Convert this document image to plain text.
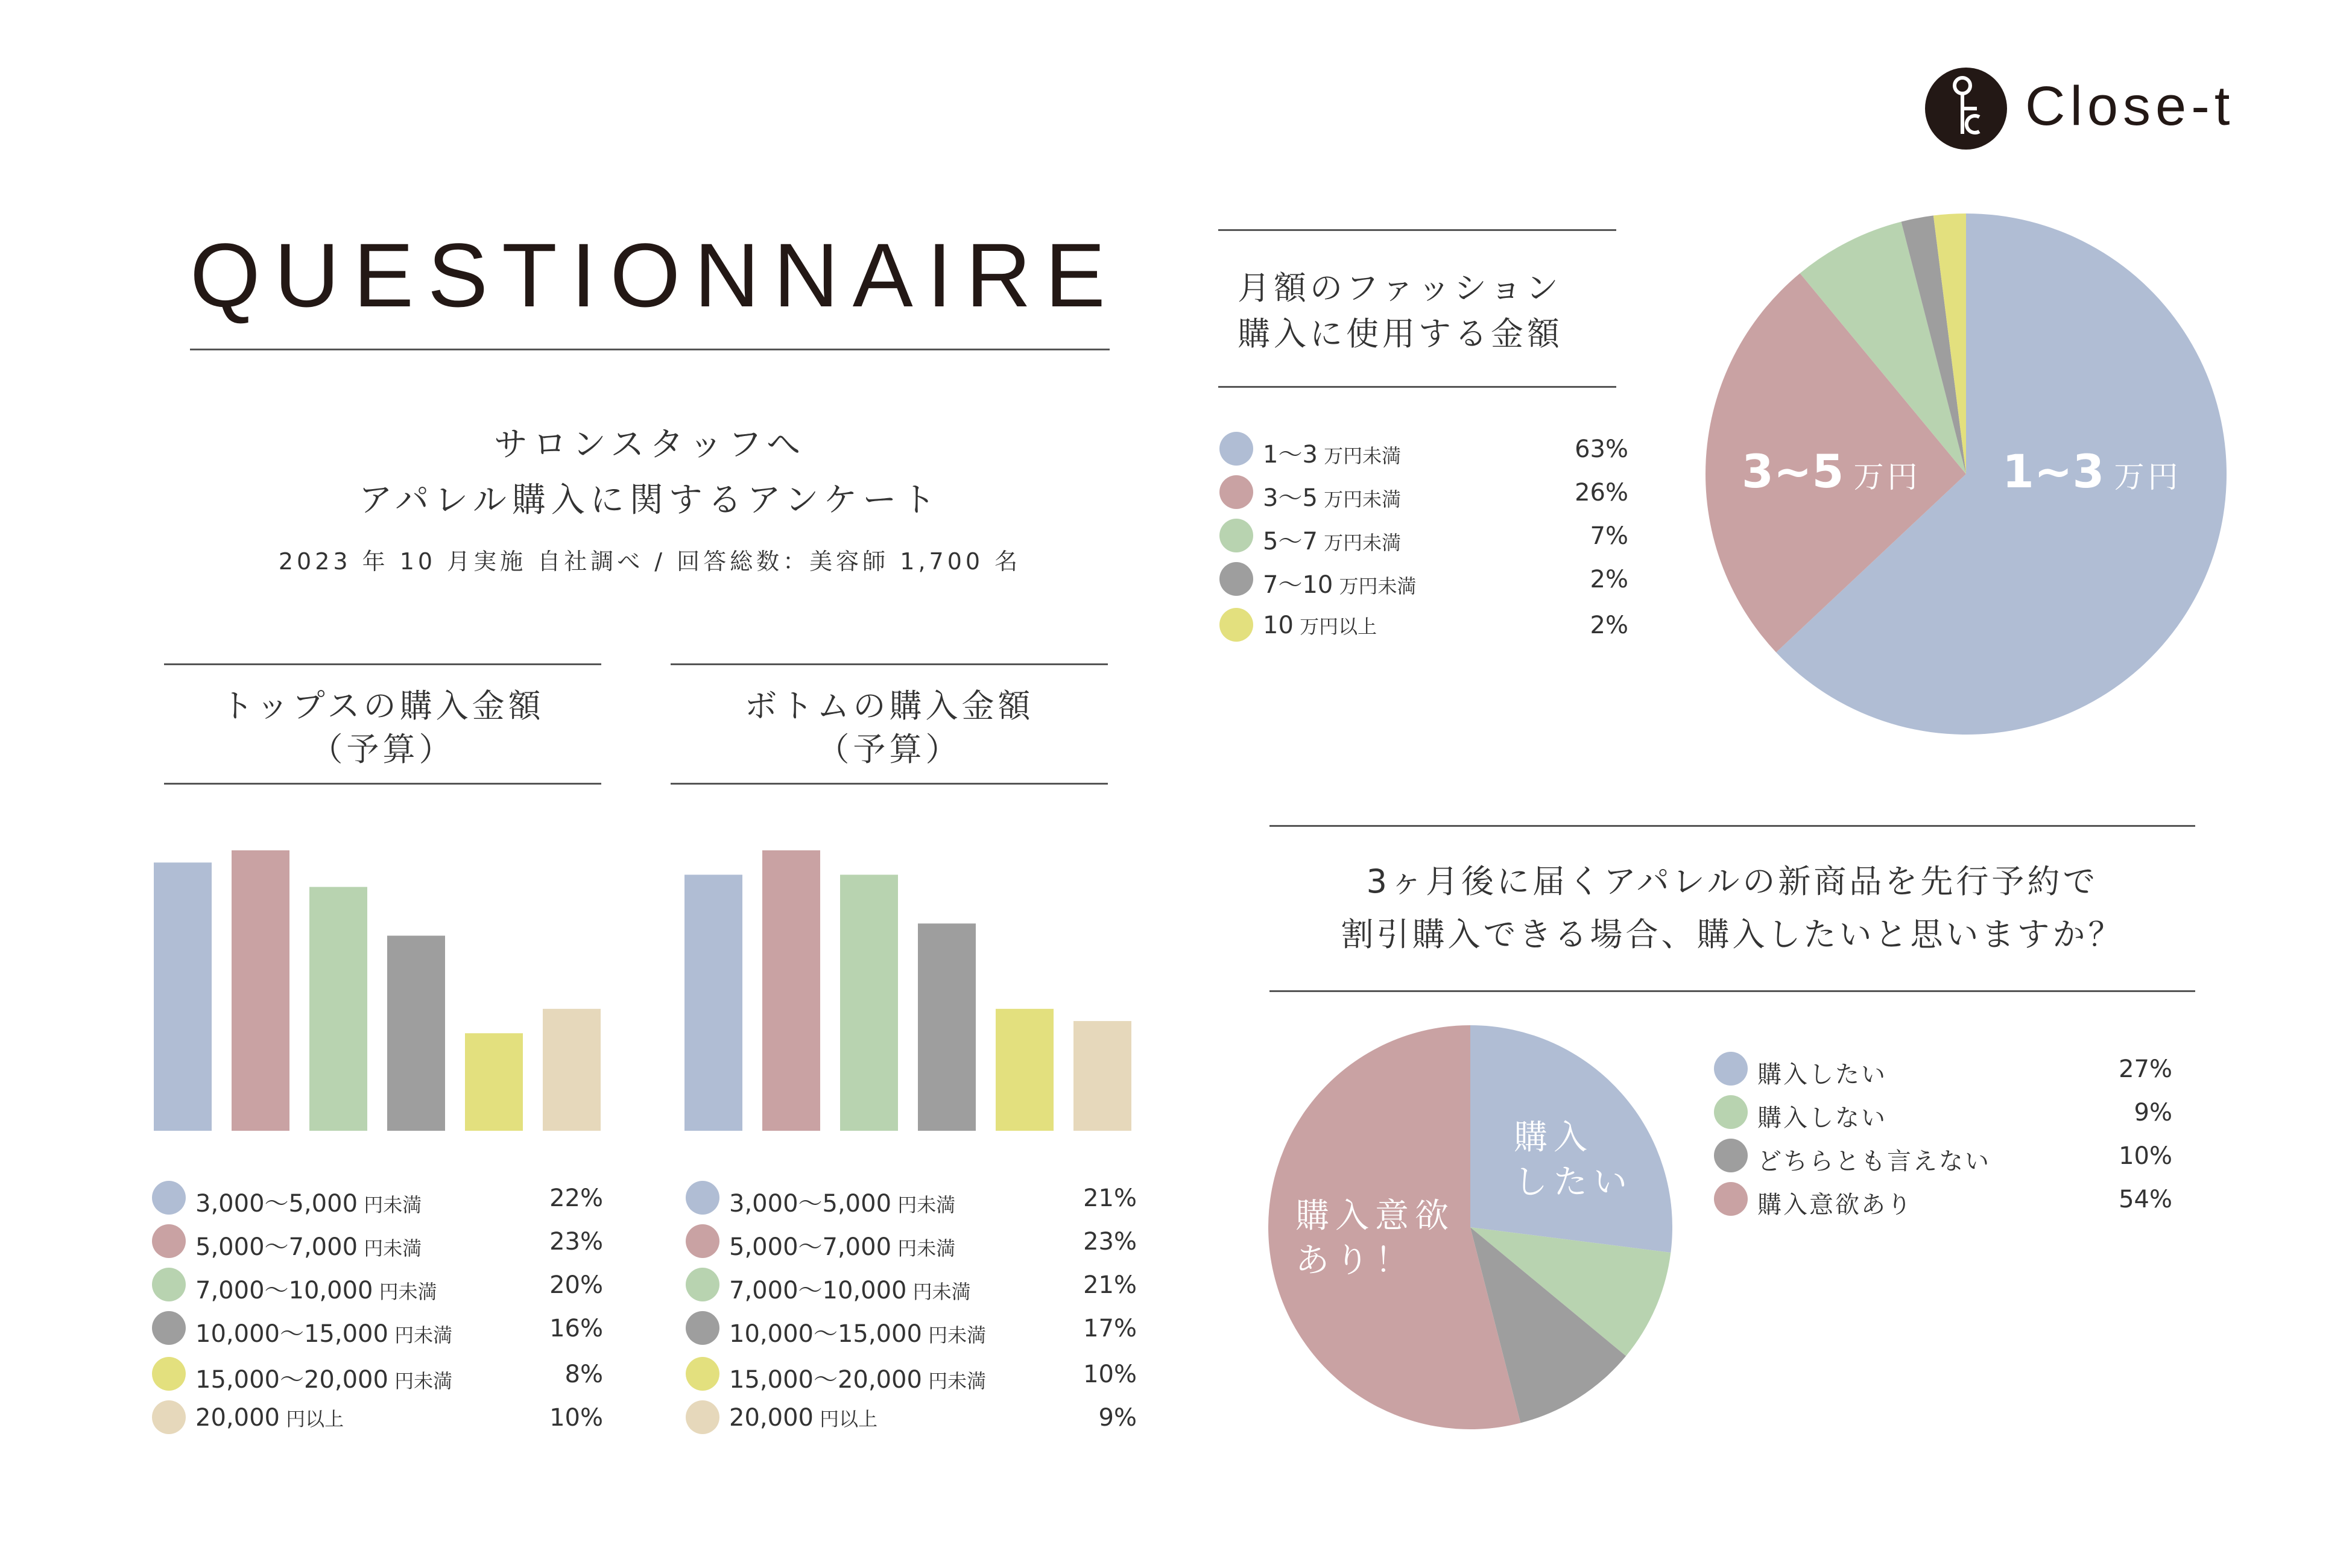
Close-t
QUESTIONNAIRE
サロンスタッフへ
アパレル購入に関するアンケート
2023 年 10 月実施 自社調べ / 回答総数：美容師 1,700 名
トップスの購入金額
（予算）
3,000〜5,000 円未満	22%
5,000〜7,000 円未満	23%
7,000〜10,000 円未満	20%
10,000〜15,000 円未満	16%
15,000〜20,000 円未満	8%
20,000 円以上	10%
ボトムの購入金額
（予算）
3,000〜5,000 円未満	21%
5,000〜7,000 円未満	23%
7,000〜10,000 円未満	21%
10,000〜15,000 円未満	17%
15,000〜20,000 円未満	10%
20,000 円以上	9%
月額のファッション
購入に使用する金額
1〜3 万円未満	63%
3〜5 万円未満	26%
5〜7 万円未満	7%
7〜10 万円未満	2%
10 万円以上	2%
1~3 万円
3~5 万円
3ヶ月後に届くアパレルの新商品を先行予約で
割引購入できる場合、購入したいと思いますか？
購入
したい
購入意欲
あり！
購入したい	27%
購入しない	9%
どちらとも言えない	10%
購入意欲あり	54%
